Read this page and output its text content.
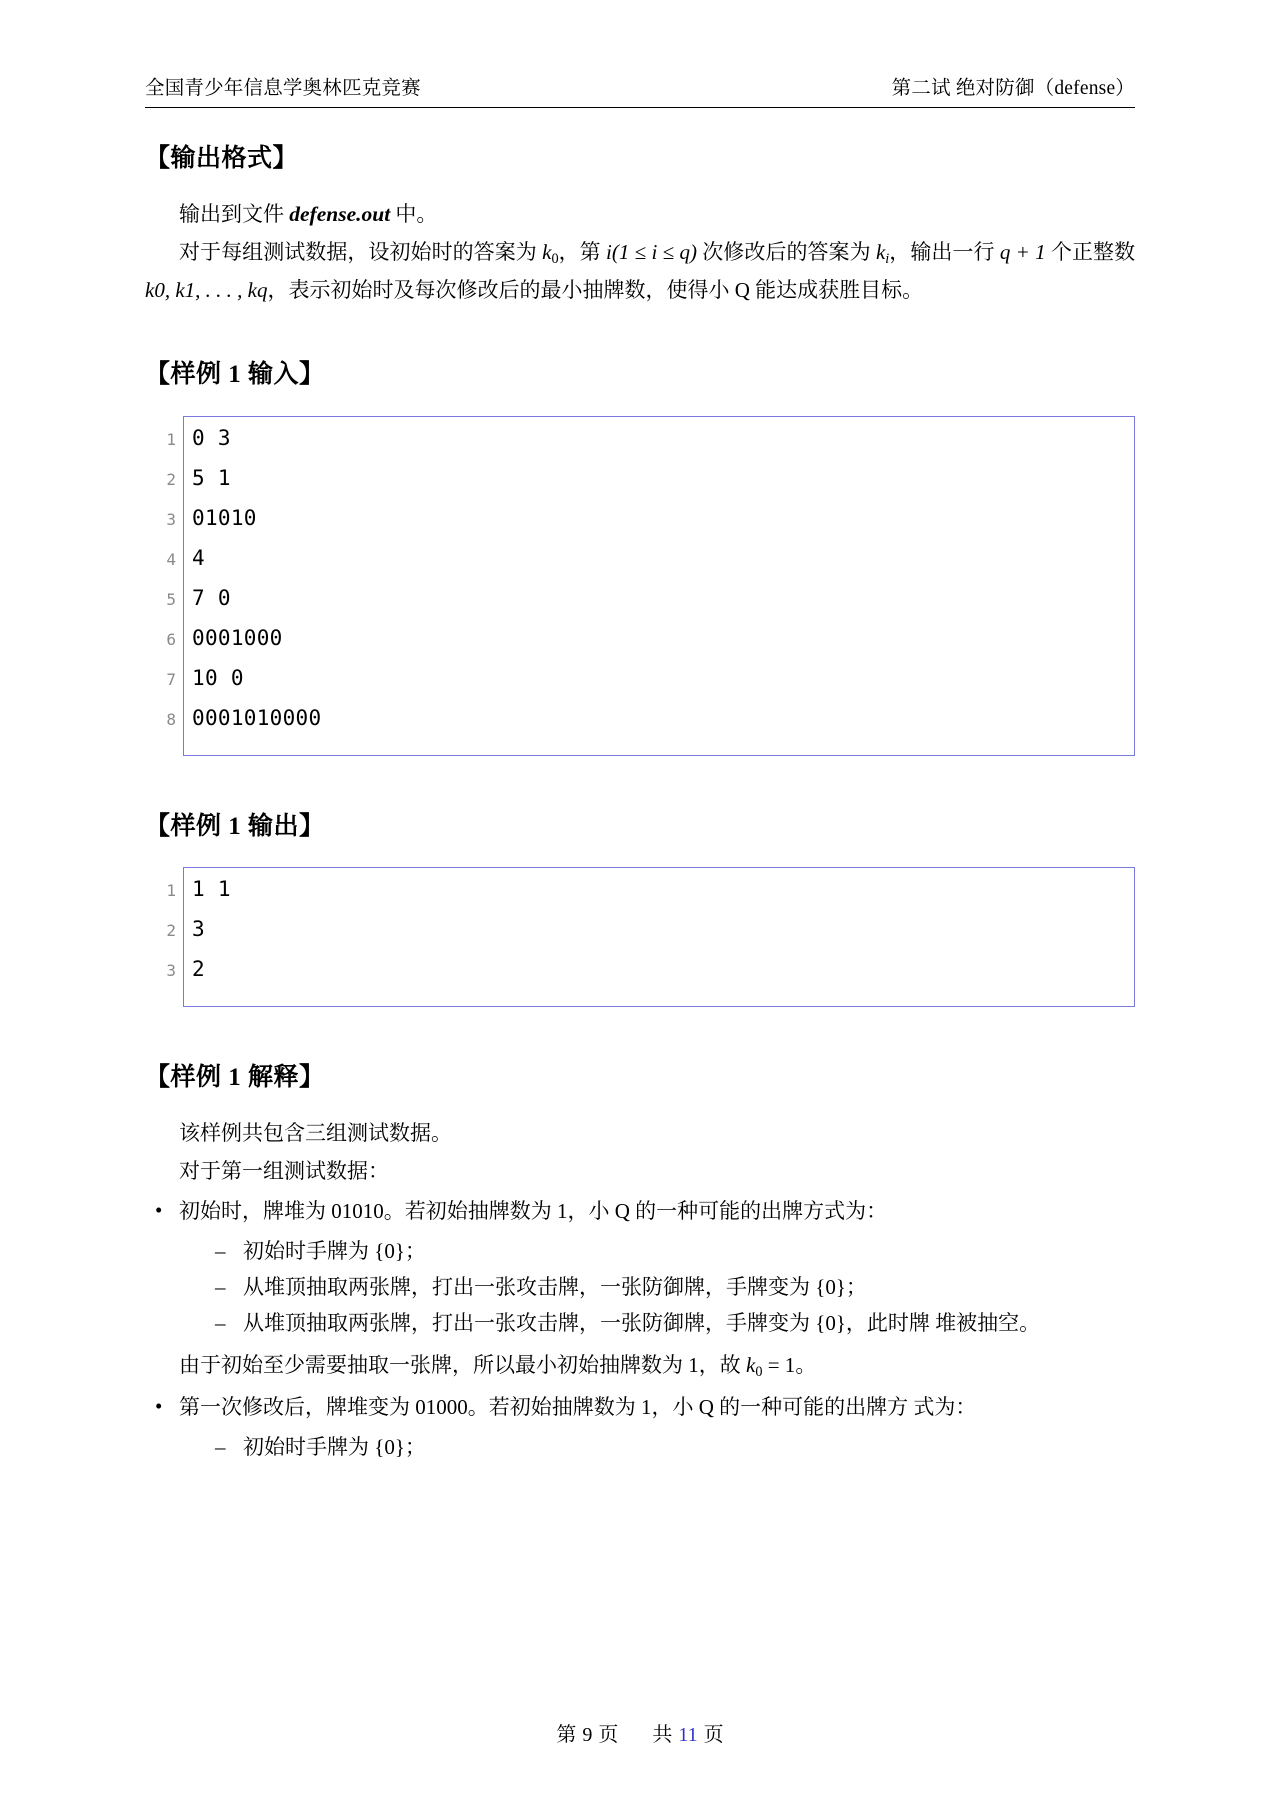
全国青少年信息学奥林匹克竞赛	第二试 绝对防御（defense）
【输出格式】

输出到文件 defense.out 中。

对于每组测试数据，设初始时的答案为 k0，第 i(1 ≤ i ≤ q) 次修改后的答案为 $k_i$，输出一行 q + 1 个正整数 k0, k1, . . . , kq，表示初始时及每次修改后的最小抽牌数，使得小 Q 能达成获胜目标。

【样例 1 输入】
1 0 3
2 5 1
3 01010
4 4
5 7 0
6 0001000
7 10 0
8 0001010000
【样例 1 输出】
1 1 1
2 3
3 2
【样例 1 解释】

该样例共包含三组测试数据。

对于第一组测试数据：

• 初始时，牌堆为 01010。若初始抽牌数为 1，小 Q 的一种可能的出牌方式为：
– 初始时手牌为 {0}；
– 从堆顶抽取两张牌，打出一张攻击牌，一张防御牌，手牌变为 {0}；
– 从堆顶抽取两张牌，打出一张攻击牌，一张防御牌，手牌变为 {0}，此时牌 堆被抽空。

由于初始至少需要抽取一张牌，所以最小初始抽牌数为 1，故 k0 = 1。

• 第一次修改后，牌堆变为 01000。若初始抽牌数为 1，小 Q 的一种可能的出牌方 式为：
– 初始时手牌为 {0}；
第 9 页 共 11 页
